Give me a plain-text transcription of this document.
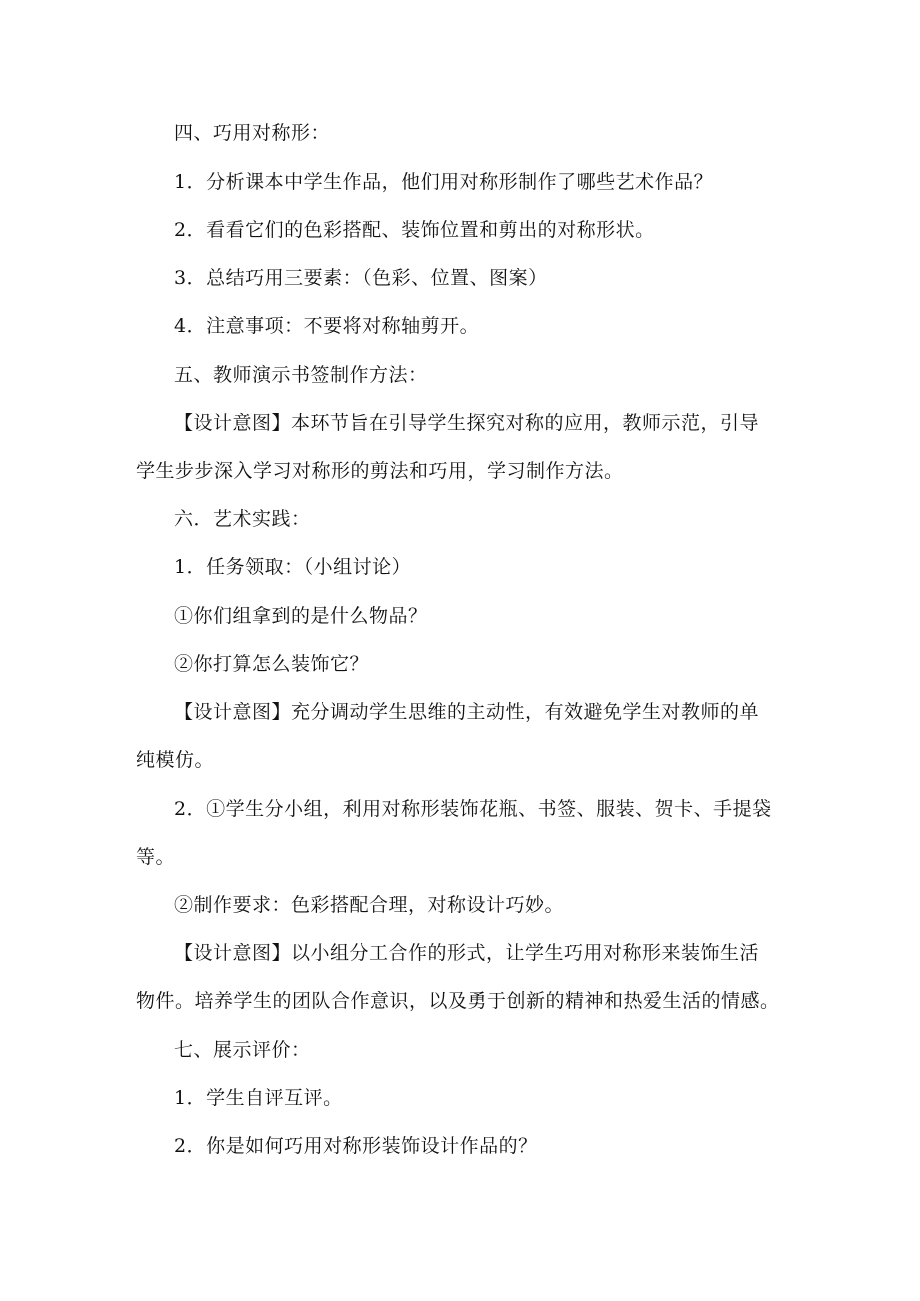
四、巧用对称形：
1．分析课本中学生作品，他们用对称形制作了哪些艺术作品？
2．看看它们的色彩搭配、装饰位置和剪出的对称形状。
3．总结巧用三要素：（色彩、位置、图案）
4．注意事项：不要将对称轴剪开。
五、教师演示书签制作方法：
【设计意图】本环节旨在引导学生探究对称的应用，教师示范，引导
学生步步深入学习对称形的剪法和巧用，学习制作方法。
六．艺术实践：
1．任务领取：（小组讨论）
①你们组拿到的是什么物品？
②你打算怎么装饰它？
【设计意图】充分调动学生思维的主动性，有效避免学生对教师的单
纯模仿。
2．①学生分小组，利用对称形装饰花瓶、书签、服装、贺卡、手提袋
等。
②制作要求：色彩搭配合理，对称设计巧妙。
【设计意图】以小组分工合作的形式，让学生巧用对称形来装饰生活
物件。培养学生的团队合作意识，以及勇于创新的精神和热爱生活的情感。
七、展示评价：
1．学生自评互评。
2．你是如何巧用对称形装饰设计作品的？
